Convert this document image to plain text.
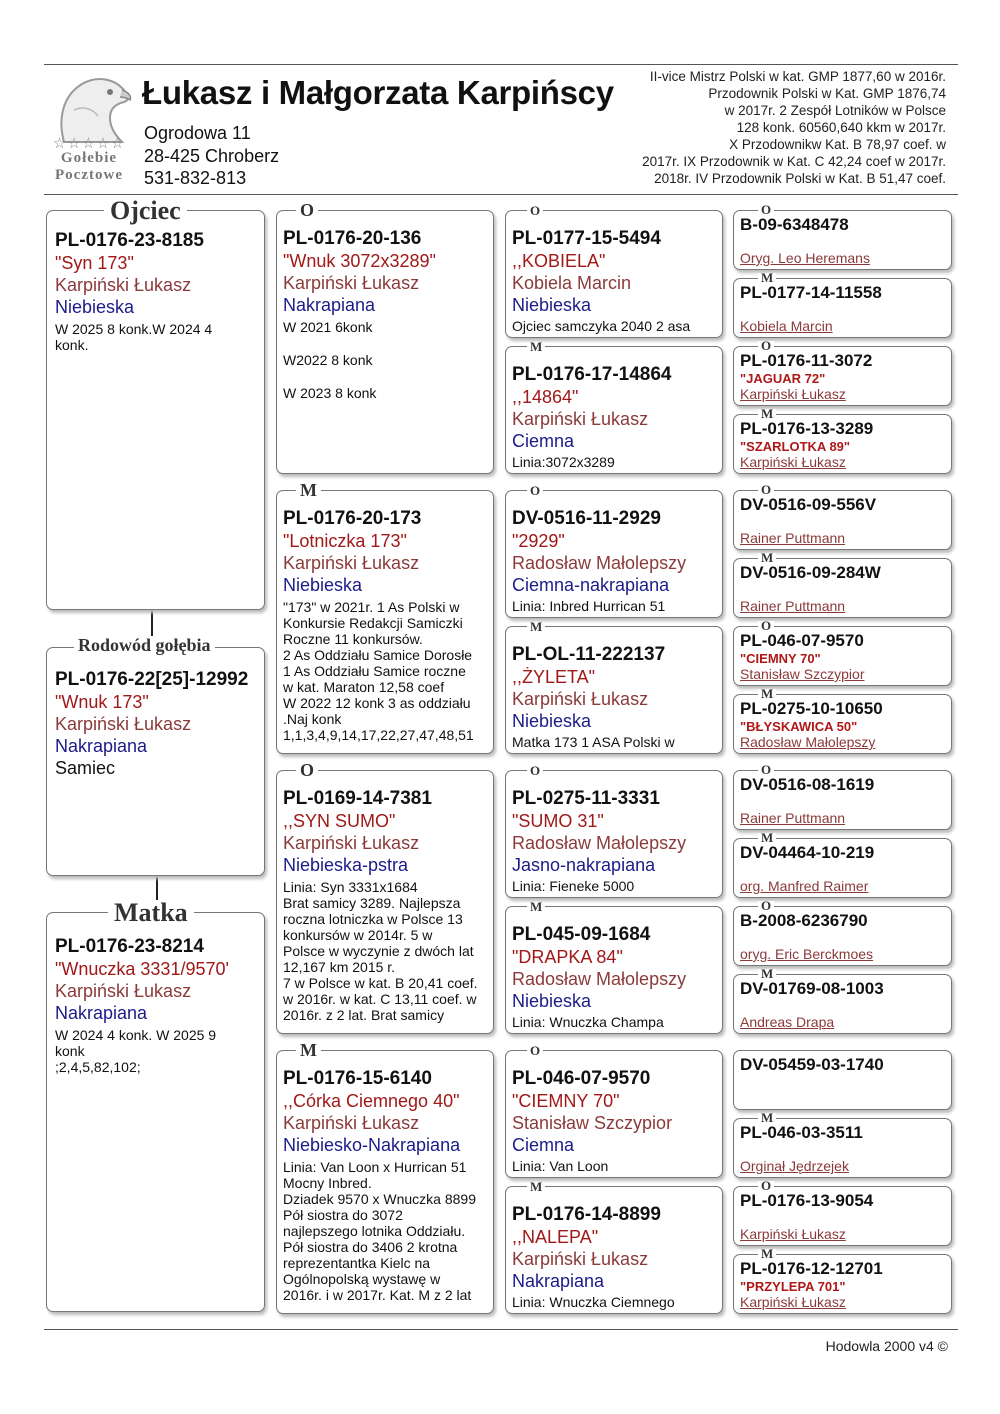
☆☆☆☆☆
Gołebie
Pocztowe
Łukasz i Małgorzata Karpińscy
Ogrodowa 11
28-425 Chroberz
531-832-813
II-vice Mistrz Polski w kat. GMP 1877,60 w 2016r.
Przodownik Polski w Kat. GMP 1876,74
w 2017r. 2 Zespół Lotników w Polsce
128 konk. 60560,640 kkm w 2017r.
X Przodownikw Kat. B 78,97 coef. w
2017r. IX Przodownik w Kat. C 42,24 coef w 2017r.
2018r. IV Przodownik Polski w Kat. B 51,47 coef.
PL-0176-23-8185
"Syn 173"
Karpiński Łukasz
Niebieska
W 2025 8 konk.W 2024 4
konk.
Ojciec
PL-0176-22[25]-12992
"Wnuk 173"
Karpiński Łukasz
Nakrapiana
Samiec
Rodowód gołębia
PL-0176-23-8214
"Wnuczka 3331/9570'
Karpiński Łukasz
Nakrapiana
W 2024 4 konk. W 2025 9
konk
;2,4,5,82,102;
Matka
PL-0176-20-136
"Wnuk 3072x3289"
Karpiński Łukasz
Nakrapiana
W 2021 6konk
W2022 8 konk
W 2023 8 konk
O
PL-0176-20-173
"Lotniczka 173"
Karpiński Łukasz
Niebieska
"173" w 2021r. 1 As Polski w
Konkursie Redakcji Samiczki
Roczne 11 konkursów.
2 As Oddziału Samice Dorosłe
1 As Oddziału Samice roczne
w kat. Maraton 12,58 coef
W 2022 12 konk 3 as oddziału
.Naj konk
1,1,3,4,9,14,17,22,27,47,48,51
M
PL-0169-14-7381
,,SYN SUMO"
Karpiński Łukasz
Niebieska-pstra
Linia: Syn 3331x1684
Brat samicy 3289. Najlepsza
roczna lotniczka w Polsce 13
konkursów w 2014r. 5 w
Polsce w wyczynie z dwóch lat
12,167 km 2015 r.
7 w Polsce w kat. B 20,41 coef.
w 2016r. w kat. C 13,11 coef. w
2016r. z 2 lat. Brat samicy
O
PL-0176-15-6140
,,Córka Ciemnego 40"
Karpiński Łukasz
Niebiesko-Nakrapiana
Linia: Van Loon x Hurrican 51
Mocny Inbred.
Dziadek 9570 x Wnuczka 8899
Pół siostra do 3072
najlepszego lotnika Oddziału.
Pół siostra do 3406 2 krotna
reprezentantka Kielc na
Ogólnopolską wystawę w
2016r. i w 2017r. Kat. M z 2 lat
M
PL-0177-15-5494
,,KOBIELA"
Kobiela Marcin
Niebieska
Ojciec samczyka 2040 2 asa
O
PL-0176-17-14864
,,14864"
Karpiński Łukasz
Ciemna
Linia:3072x3289
M
DV-0516-11-2929
"2929"
Radosław Małolepszy
Ciemna-nakrapiana
Linia: Inbred Hurrican 51
O
PL-OL-11-222137
,,ŻYLETA"
Karpiński Łukasz
Niebieska
Matka 173 1 ASA Polski w
M
PL-0275-11-3331
"SUMO 31"
Radosław Małolepszy
Jasno-nakrapiana
Linia: Fieneke 5000
O
PL-045-09-1684
"DRAPKA 84"
Radosław Małolepszy
Niebieska
Linia: Wnuczka Champa
M
PL-046-07-9570
"CIEMNY 70"
Stanisław Szczypior
Ciemna
Linia: Van Loon
O
PL-0176-14-8899
,,NALEPA"
Karpiński Łukasz
Nakrapiana
Linia: Wnuczka Ciemnego
M
B-09-6348478
Oryg. Leo Heremans
O
PL-0177-14-11558
Kobiela Marcin
M
PL-0176-11-3072
"JAGUAR 72"
Karpiński Łukasz
O
PL-0176-13-3289
"SZARLOTKA 89"
Karpiński Łukasz
M
DV-0516-09-556V
Rainer Puttmann
O
DV-0516-09-284W
Rainer Puttmann
M
PL-046-07-9570
"CIEMNY 70"
Stanisław Szczypior
O
PL-0275-10-10650
"BŁYSKAWICA 50"
Radosław Małolepszy
M
DV-0516-08-1619
Rainer Puttmann
O
DV-04464-10-219
org. Manfred Raimer
M
B-2008-6236790
oryg. Eric Berckmoes
O
DV-01769-08-1003
Andreas Drapa
M
DV-05459-03-1740
PL-046-03-3511
Orginał Jędrzejek
M
PL-0176-13-9054
Karpiński Łukasz
O
PL-0176-12-12701
"PRZYLEPA 701"
Karpiński Łukasz
M
Hodowla 2000 v4 ©
